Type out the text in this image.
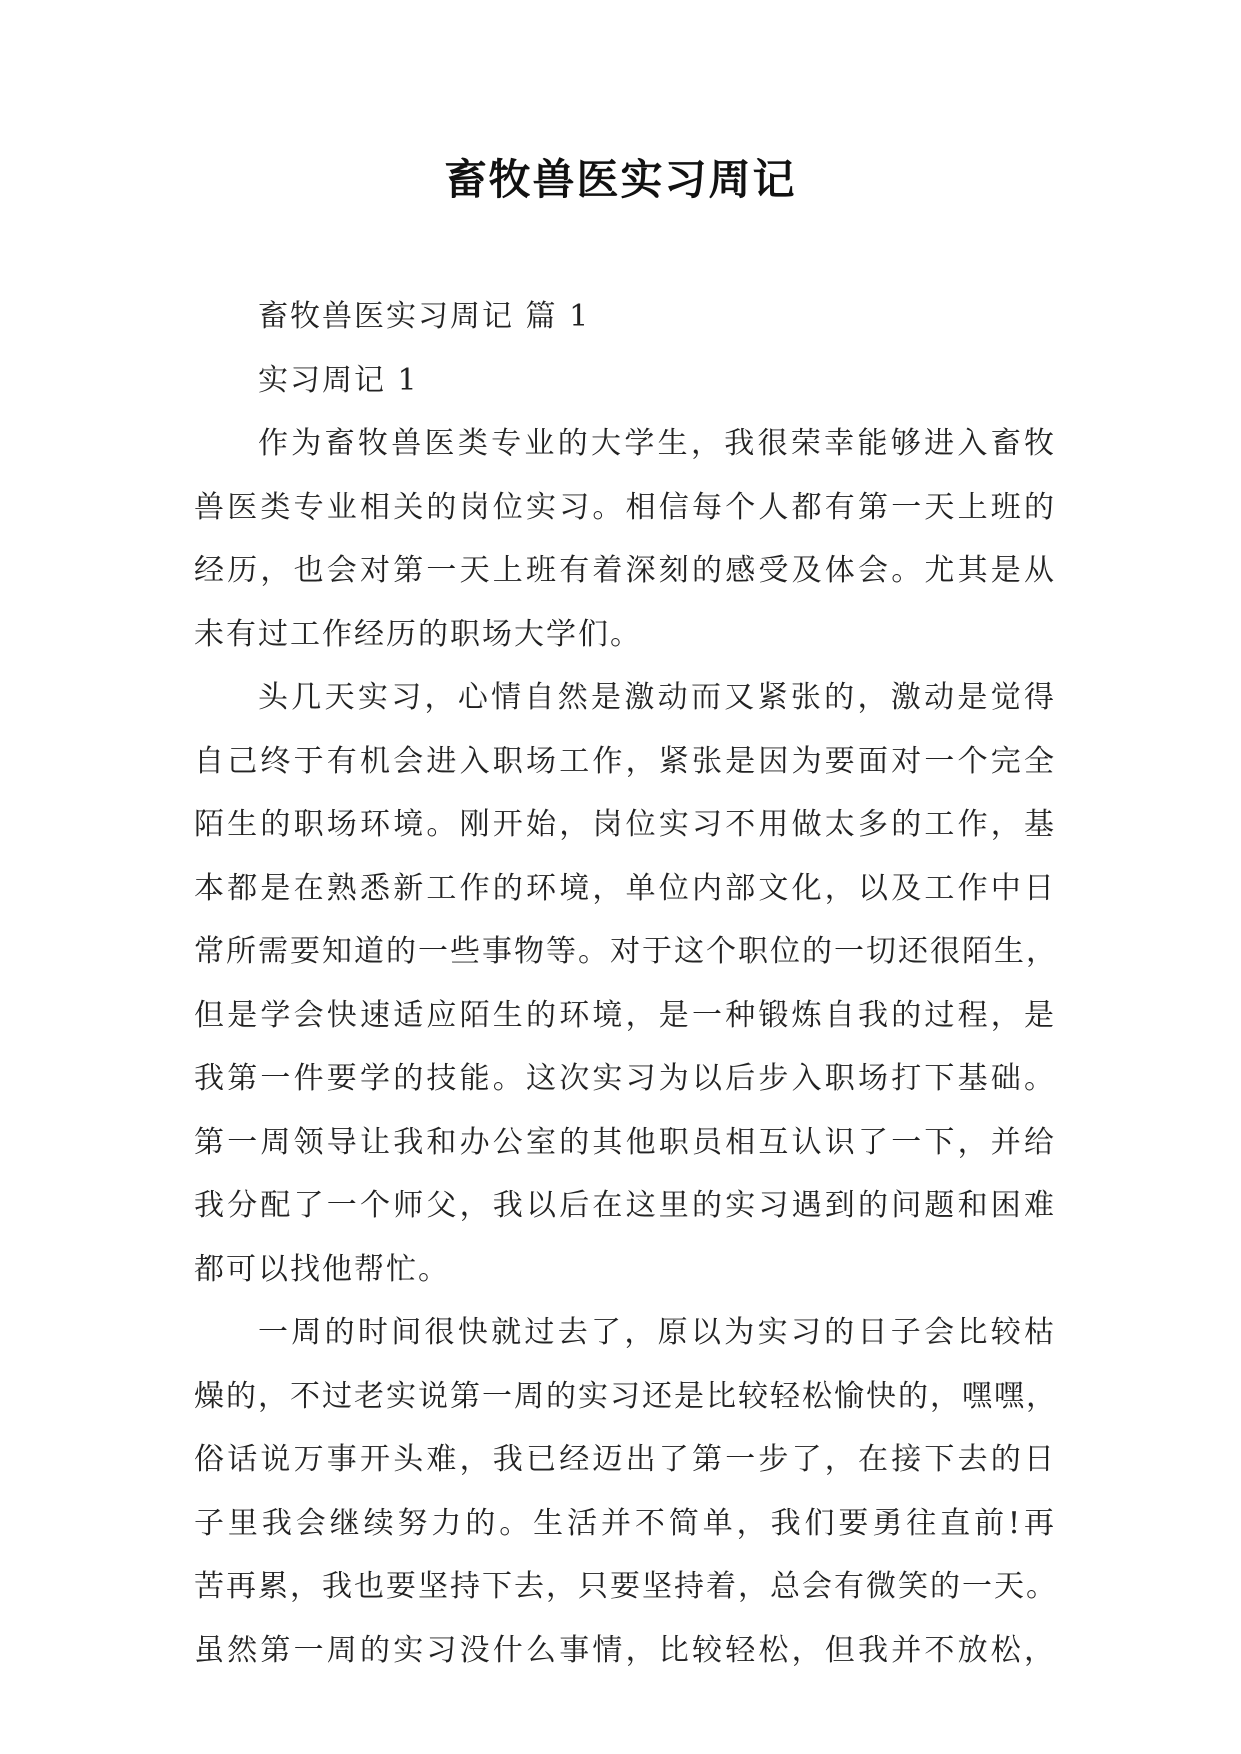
畜牧兽医实习周记
畜牧兽医实习周记 篇 1
实习周记 1
作为畜牧兽医类专业的大学生，我很荣幸能够进入畜牧
兽医类专业相关的岗位实习。相信每个人都有第一天上班的
经历，也会对第一天上班有着深刻的感受及体会。尤其是从
未有过工作经历的职场大学们。
头几天实习，心情自然是激动而又紧张的，激动是觉得
自己终于有机会进入职场工作，紧张是因为要面对一个完全
陌生的职场环境。刚开始，岗位实习不用做太多的工作，基
本都是在熟悉新工作的环境，单位内部文化，以及工作中日
常所需要知道的一些事物等。对于这个职位的一切还很陌生，
但是学会快速适应陌生的环境，是一种锻炼自我的过程，是
我第一件要学的技能。这次实习为以后步入职场打下基础。
第一周领导让我和办公室的其他职员相互认识了一下，并给
我分配了一个师父，我以后在这里的实习遇到的问题和困难
都可以找他帮忙。
一周的时间很快就过去了，原以为实习的日子会比较枯
燥的，不过老实说第一周的实习还是比较轻松愉快的，嘿嘿，
俗话说万事开头难，我已经迈出了第一步了，在接下去的日
子里我会继续努力的。生活并不简单，我们要勇往直前!再
苦再累，我也要坚持下去，只要坚持着，总会有微笑的一天。
虽然第一周的实习没什么事情，比较轻松，但我并不放松，
